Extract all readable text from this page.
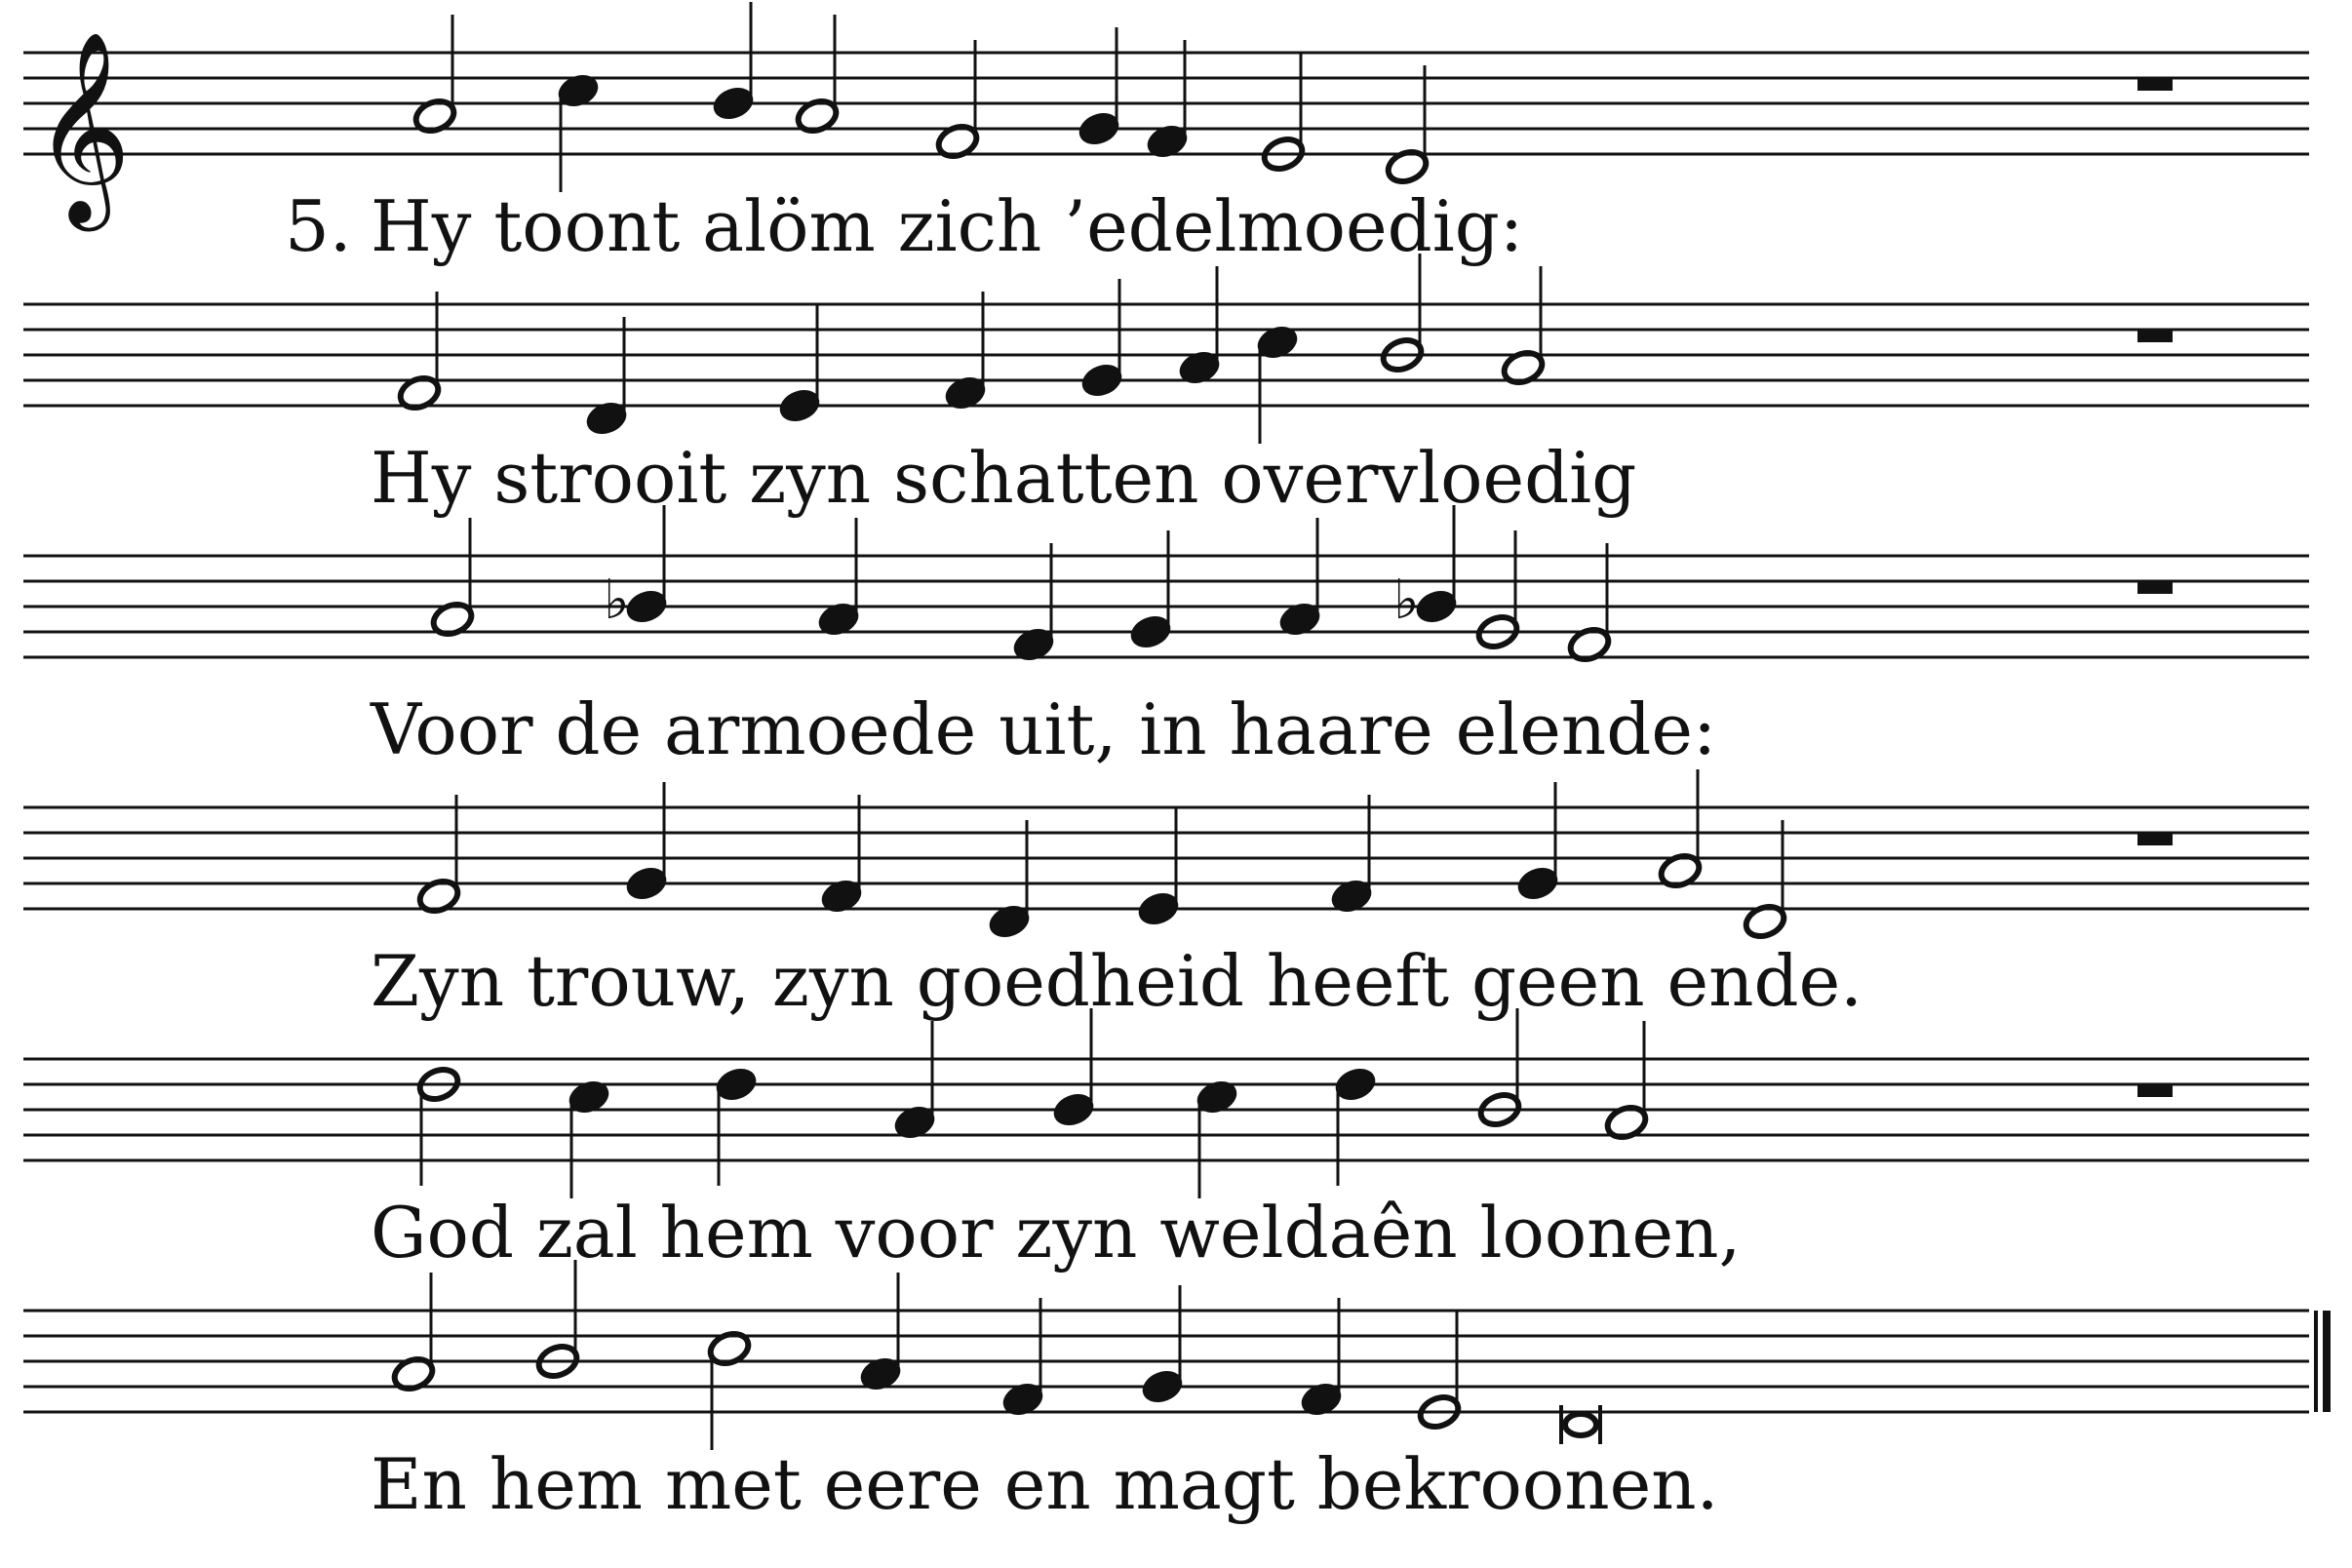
𝄞
♭	♭
5. Hy toont alöm zich ’edelmoedig:
Hy strooit zyn schatten overvloedig
Voor de armoede uit, in haare elende:
Zyn trouw, zyn goedheid heeft geen ende.
God zal hem voor zyn weldaên loonen,
En hem met eere en magt bekroonen.
